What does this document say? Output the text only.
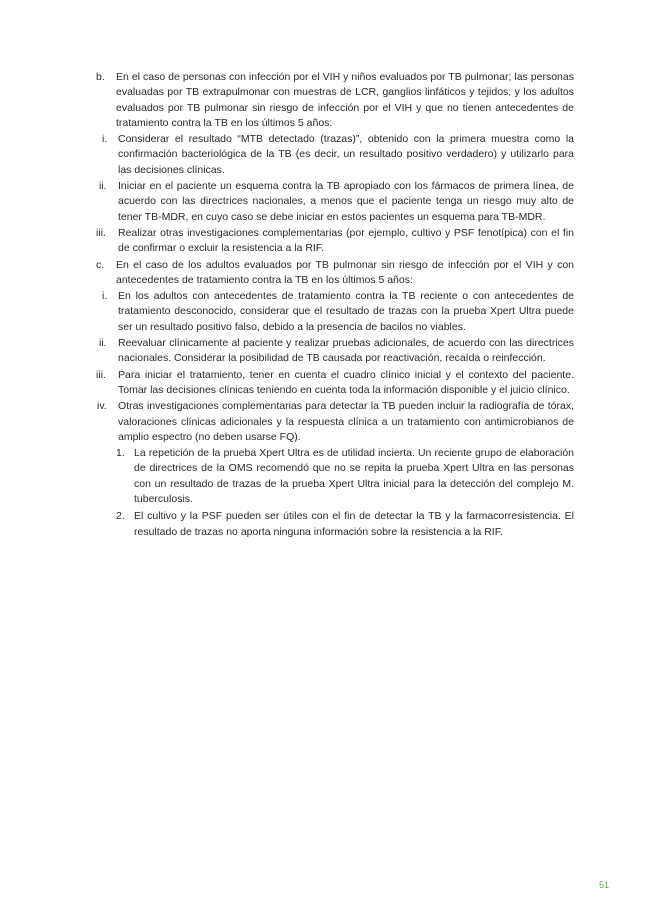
b. En el caso de personas con infección por el VIH y niños evaluados por TB pulmonar; las personas evaluadas por TB extrapulmonar con muestras de LCR, ganglios linfáticos y tejidos; y los adultos evaluados por TB pulmonar sin riesgo de infección por el VIH y que no tienen antecedentes de tratamiento contra la TB en los últimos 5 años:
i. Considerar el resultado “MTB detectado (trazas)”, obtenido con la primera muestra como la confirmación bacteriológica de la TB (es decir, un resultado positivo verdadero) y utilizarlo para las decisiones clínicas.
ii. Iniciar en el paciente un esquema contra la TB apropiado con los fármacos de primera línea, de acuerdo con las directrices nacionales, a menos que el paciente tenga un riesgo muy alto de tener TB-MDR, en cuyo caso se debe iniciar en estos pacientes un esquema para TB-MDR.
iii. Realizar otras investigaciones complementarias (por ejemplo, cultivo y PSF fenotípica) con el fin de confirmar o excluir la resistencia a la RIF.
c. En el caso de los adultos evaluados por TB pulmonar sin riesgo de infección por el VIH y con antecedentes de tratamiento contra la TB en los últimos 5 años:
i. En los adultos con antecedentes de tratamiento contra la TB reciente o con antecedentes de tratamiento desconocido, considerar que el resultado de trazas con la prueba Xpert Ultra puede ser un resultado positivo falso, debido a la presencia de bacilos no viables.
ii. Reevaluar clínicamente al paciente y realizar pruebas adicionales, de acuerdo con las directrices nacionales. Considerar la posibilidad de TB causada por reactivación, recaída o reinfección.
iii. Para iniciar el tratamiento, tener en cuenta el cuadro clínico inicial y el contexto del paciente. Tomar las decisiones clínicas teniendo en cuenta toda la información disponible y el juicio clínico.
iv. Otras investigaciones complementarias para detectar la TB pueden incluir la radiografía de tórax, valoraciones clínicas adicionales y la respuesta clínica a un tratamiento con antimicrobianos de amplio espectro (no deben usarse FQ).
1. La repetición de la prueba Xpert Ultra es de utilidad incierta. Un reciente grupo de elaboración de directrices de la OMS recomendó que no se repita la prueba Xpert Ultra en las personas con un resultado de trazas de la prueba Xpert Ultra inicial para la detección del complejo M. tuberculosis.
2. El cultivo y la PSF pueden ser útiles con el fin de detectar la TB y la farmacorresistencia. El resultado de trazas no aporta ninguna información sobre la resistencia a la RIF.
51
